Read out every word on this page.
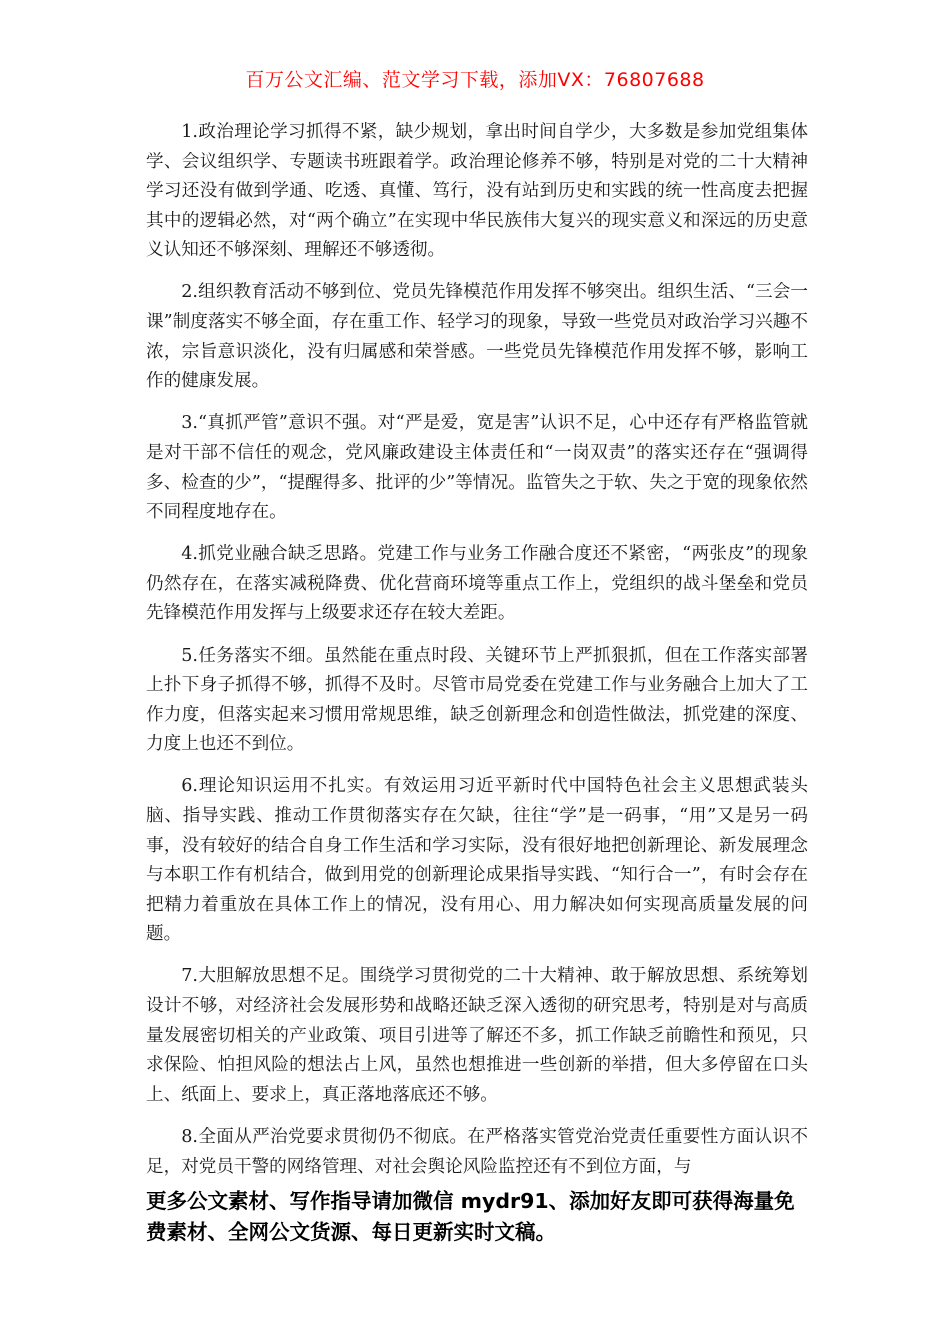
百万公文汇编、范文学习下载，添加VX：76807688

1.政治理论学习抓得不紧，缺少规划，拿出时间自学少，大多数是参加党组集体学、会议组织学、专题读书班跟着学。政治理论修养不够，特别是对党的二十大精神学习还没有做到学通、吃透、真懂、笃行，没有站到历史和实践的统一性高度去把握其中的逻辑必然，对“两个确立”在实现中华民族伟大复兴的现实意义和深远的历史意义认知还不够深刻、理解还不够透彻。

2.组织教育活动不够到位、党员先锋模范作用发挥不够突出。组织生活、“三会一课”制度落实不够全面，存在重工作、轻学习的现象，导致一些党员对政治学习兴趣不浓，宗旨意识淡化，没有归属感和荣誉感。一些党员先锋模范作用发挥不够，影响工作的健康发展。

3.“真抓严管”意识不强。对“严是爱，宽是害”认识不足，心中还存有严格监管就是对干部不信任的观念，党风廉政建设主体责任和“一岗双责”的落实还存在“强调得多、检查的少”，“提醒得多、批评的少”等情况。监管失之于软、失之于宽的现象依然不同程度地存在。

4.抓党业融合缺乏思路。党建工作与业务工作融合度还不紧密，“两张皮”的现象仍然存在，在落实减税降费、优化营商环境等重点工作上，党组织的战斗堡垒和党员先锋模范作用发挥与上级要求还存在较大差距。

5.任务落实不细。虽然能在重点时段、关键环节上严抓狠抓，但在工作落实部署上扑下身子抓得不够，抓得不及时。尽管市局党委在党建工作与业务融合上加大了工作力度，但落实起来习惯用常规思维，缺乏创新理念和创造性做法，抓党建的深度、力度上也还不到位。

6.理论知识运用不扎实。有效运用习近平新时代中国特色社会主义思想武装头脑、指导实践、推动工作贯彻落实存在欠缺，往往“学”是一码事，“用”又是另一码事，没有较好的结合自身工作生活和学习实际，没有很好地把创新理论、新发展理念与本职工作有机结合，做到用党的创新理论成果指导实践、“知行合一”，有时会存在把精力着重放在具体工作上的情况，没有用心、用力解决如何实现高质量发展的问题。

7.大胆解放思想不足。围绕学习贯彻党的二十大精神、敢于解放思想、系统筹划设计不够，对经济社会发展形势和战略还缺乏深入透彻的研究思考，特别是对与高质量发展密切相关的产业政策、项目引进等了解还不多，抓工作缺乏前瞻性和预见，只求保险、怕担风险的想法占上风，虽然也想推进一些创新的举措，但大多停留在口头上、纸面上、要求上，真正落地落底还不够。

8.全面从严治党要求贯彻仍不彻底。在严格落实管党治党责任重要性方面认识不足，对党员干警的网络管理、对社会舆论风险监控还有不到位方面，与

更多公文素材、写作指导请加微信 mydr91、添加好友即可获得海量免费素材、全网公文货源、每日更新实时文稿。
